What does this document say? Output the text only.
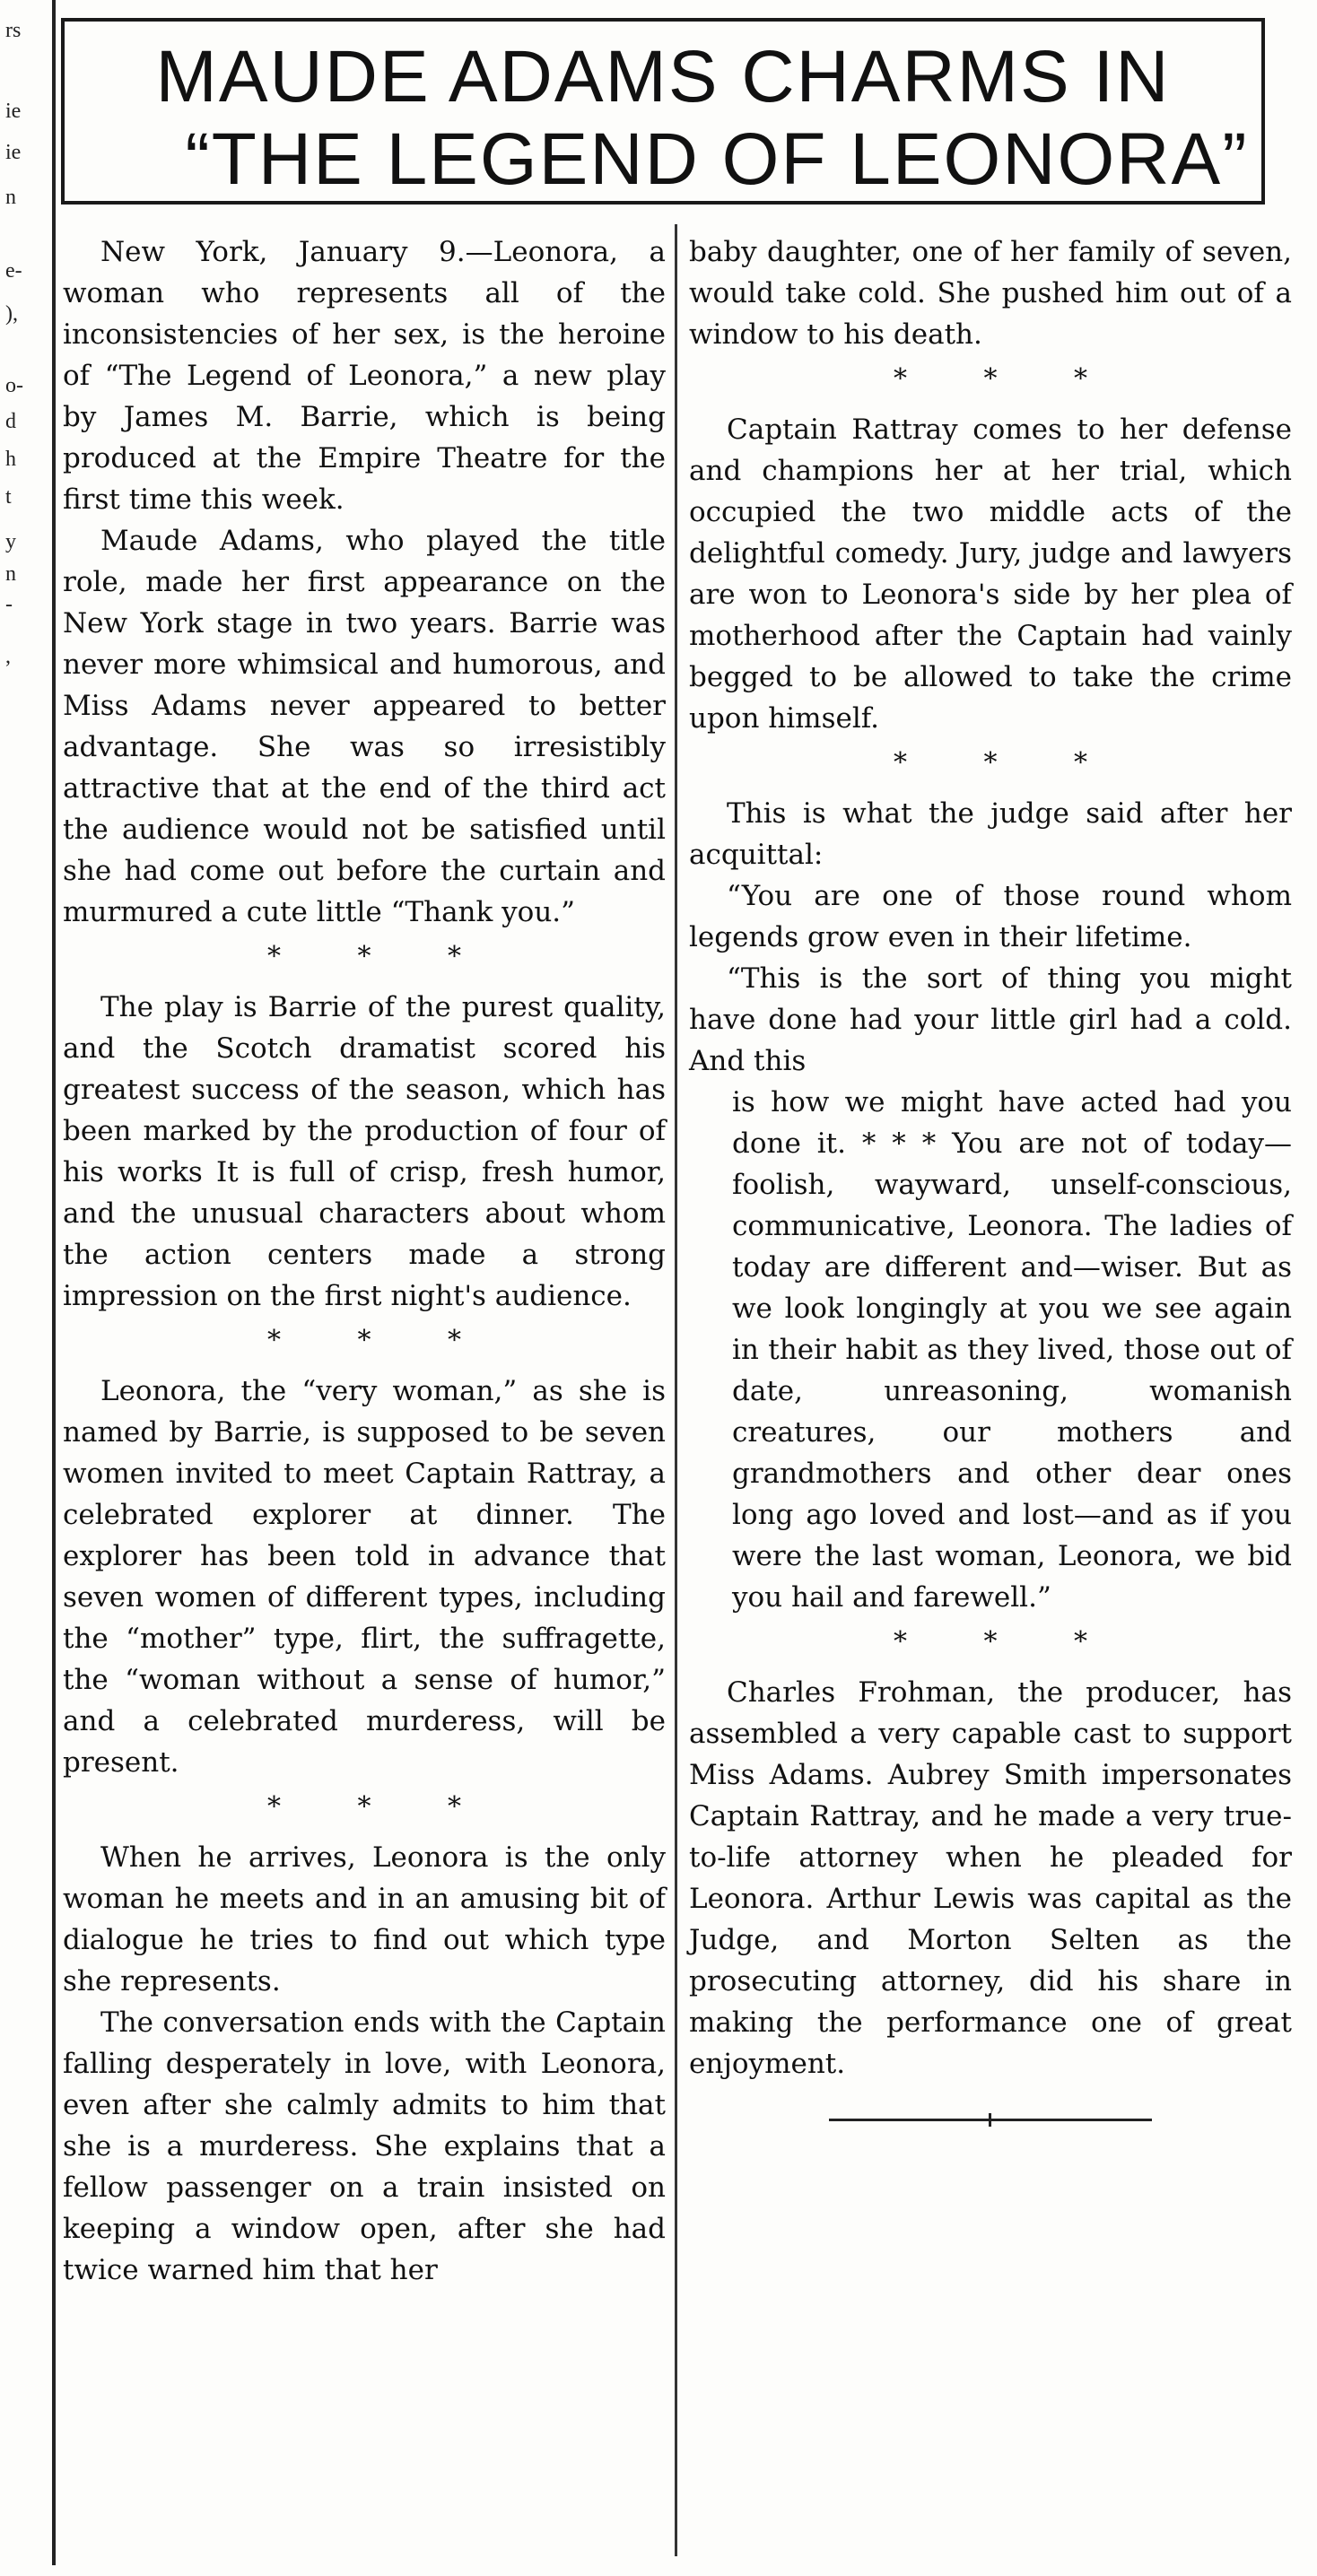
rs
ie
ie
n
e-
),
o-
d
h
t
y
n
-
,
MAUDE ADAMS CHARMS IN
“THE LEGEND OF LEONORA”

New York, January 9.—Leonora, a woman who represents all of the inconsistencies of her sex, is the heroine of “The Legend of Leonora,” a new play by James M. Barrie, which is being produced at the Empire Theatre for the first time this week.

Maude Adams, who played the title role, made her first appearance on the New York stage in two years. Barrie was never more whimsical and humorous, and Miss Adams never appeared to better advantage. She was so irresistibly attractive that at the end of the third act the audience would not be satisfied until she had come out before the curtain and murmured a cute little “Thank you.”

* * *

The play is Barrie of the purest quality, and the Scotch dramatist scored his greatest success of the season, which has been marked by the production of four of his works It is full of crisp, fresh humor, and the unusual characters about whom the action centers made a strong impression on the first night's audience.

* * *

Leonora, the “very woman,” as she is named by Barrie, is supposed to be seven women invited to meet Captain Rattray, a celebrated explorer at dinner. The explorer has been told in advance that seven women of different types, including the “mother” type, flirt, the suffragette, the “woman without a sense of humor,” and a celebrated murderess, will be present.

* * *

When he arrives, Leonora is the only woman he meets and in an amusing bit of dialogue he tries to find out which type she represents.

The conversation ends with the Captain falling desperately in love, with Leonora, even after she calmly admits to him that she is a murderess. She explains that a fellow passenger on a train insisted on keeping a window open, after she had twice warned him that her

baby daughter, one of her family of seven, would take cold. She pushed him out of a window to his death.

* * *

Captain Rattray comes to her defense and champions her at her trial, which occupied the two middle acts of the delightful comedy. Jury, judge and lawyers are won to Leonora's side by her plea of motherhood after the Captain had vainly begged to be allowed to take the crime upon himself.

* * *

This is what the judge said after her acquittal:

“You are one of those round whom legends grow even in their lifetime.

“This is the sort of thing you might have done had your little girl had a cold. And this

is how we might have acted had you done it. * * * You are not of today—foolish, wayward, unself-conscious, communicative, Leonora. The ladies of today are different and—wiser. But as we look longingly at you we see again in their habit as they lived, those out of date, unreasoning, womanish creatures, our mothers and grandmothers and other dear ones long ago loved and lost—and as if you were the last woman, Leonora, we bid you hail and farewell.”

* * *

Charles Frohman, the producer, has assembled a very capable cast to support Miss Adams. Aubrey Smith impersonates Captain Rattray, and he made a very true-to-life attorney when he pleaded for Leonora. Arthur Lewis was capital as the Judge, and Morton Selten as the prosecuting attorney, did his share in making the performance one of great enjoyment.
